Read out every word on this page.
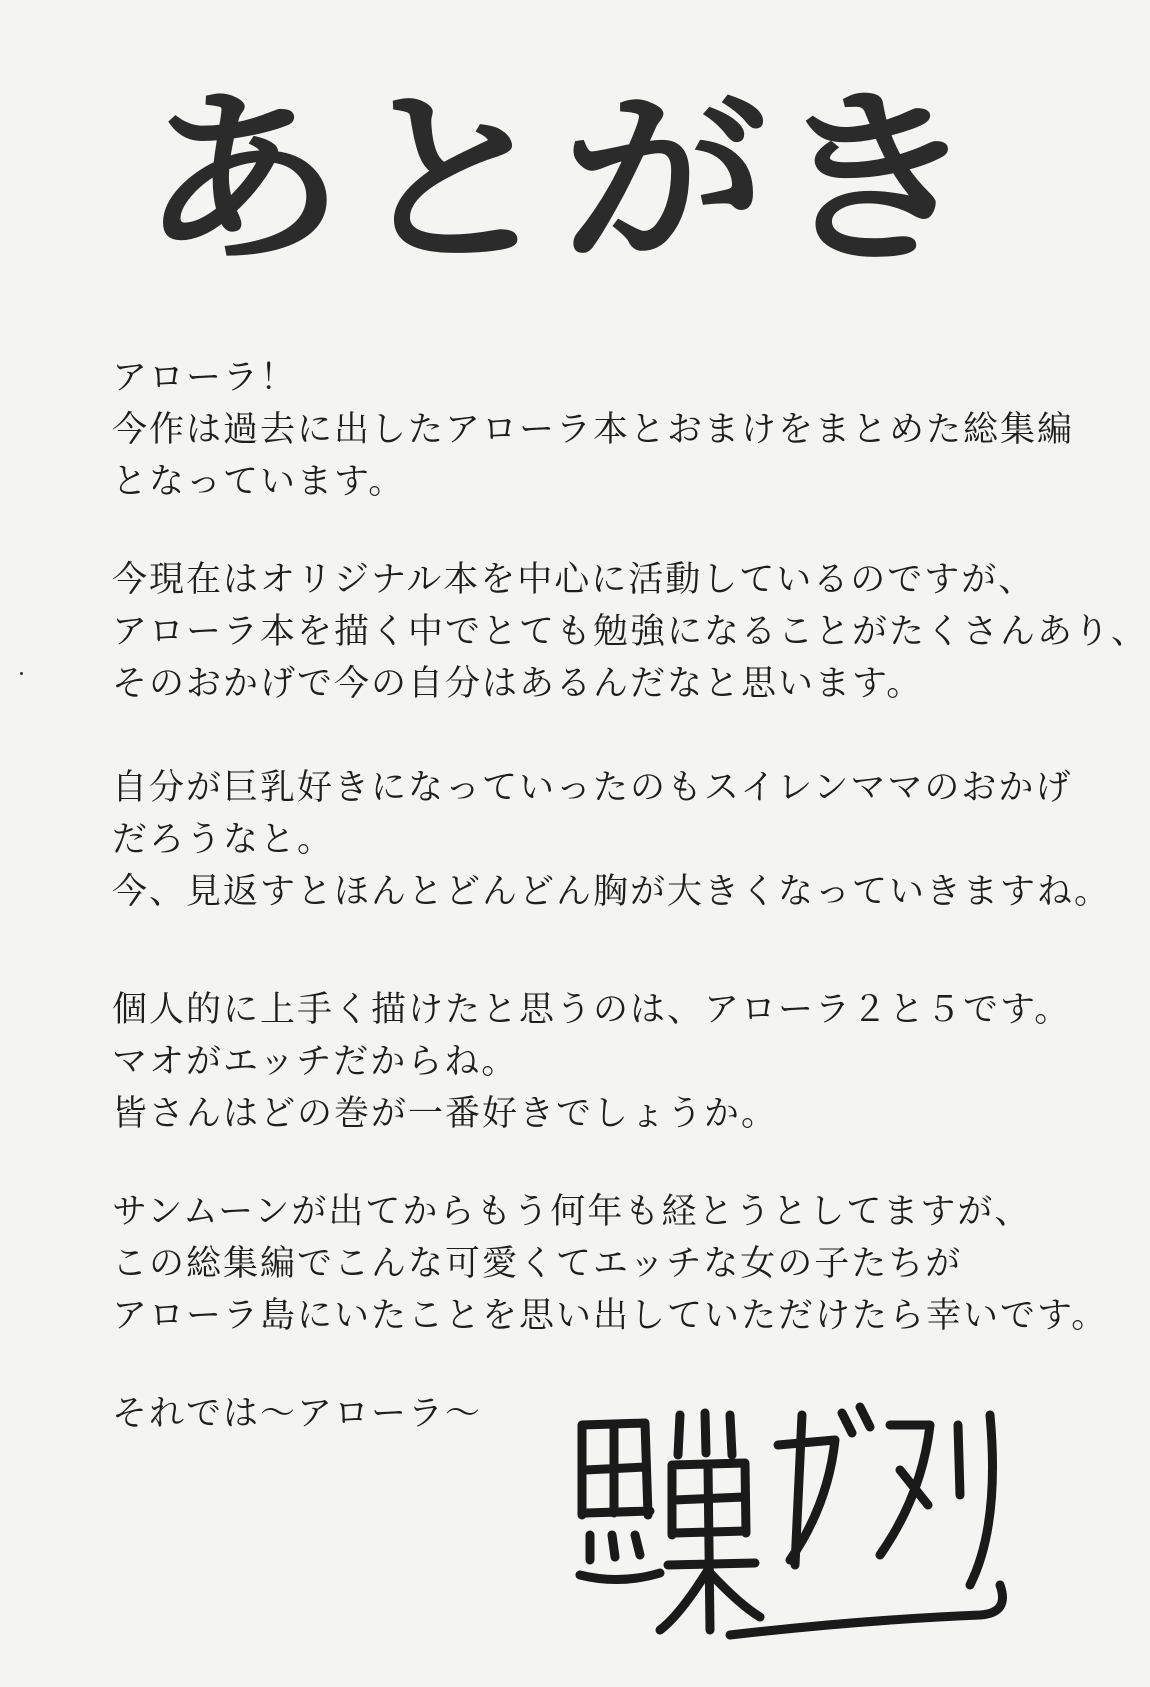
あとがき

アローラ！
今作は過去に出したアローラ本とおまけをまとめた総集編
となっています。

今現在はオリジナル本を中心に活動しているのですが、
アローラ本を描く中でとても勉強になることがたくさんあり、
そのおかげで今の自分はあるんだなと思います。

自分が巨乳好きになっていったのもスイレンママのおかげ
だろうなと。
今、見返すとほんとどんどん胸が大きくなっていきますね。

個人的に上手く描けたと思うのは、アローラ２と５です。
マオがエッチだからね。
皆さんはどの巻が一番好きでしょうか。

サンムーンが出てからもう何年も経とうとしてますが、
この総集編でこんな可愛くてエッチな女の子たちが
アローラ島にいたことを思い出していただけたら幸いです。

それでは〜アローラ〜
